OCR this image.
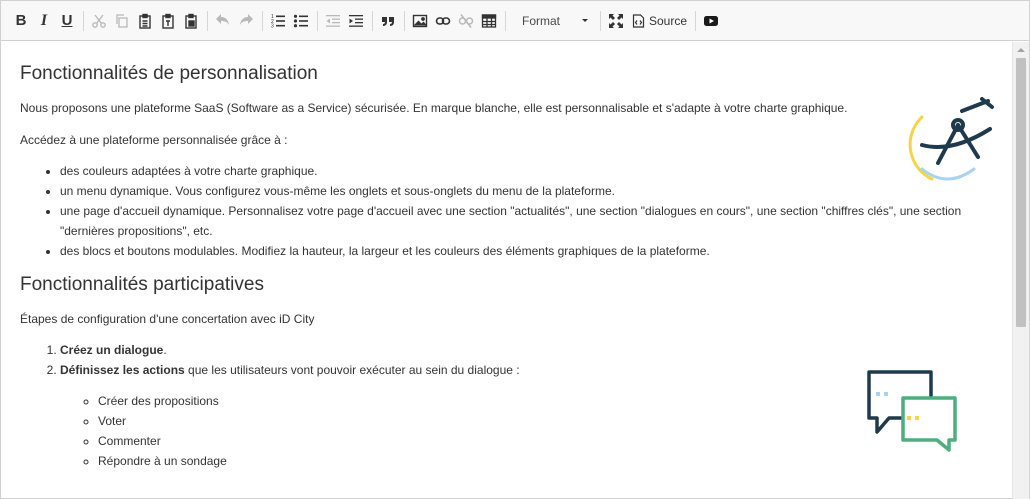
B I U	1
2
3	Format	Source
Fonctionnalités de personnalisation

Nous proposons une plateforme SaaS (Software as a Service) sécurisée. En marque blanche, elle est personnalisable et s'adapte à votre charte graphique.

Accédez à une plateforme personnalisée grâce à :

• des couleurs adaptées à votre charte graphique.
• un menu dynamique. Vous configurez vous-même les onglets et sous-onglets du menu de la plateforme.
• une page d'accueil dynamique. Personnalisez votre page d'accueil avec une section "actualités", une section "dialogues en cours", une section "chiffres clés", une section "dernières propositions", etc.
• des blocs et boutons modulables. Modifiez la hauteur, la largeur et les couleurs des éléments graphiques de la plateforme.
Fonctionnalités participatives

Étapes de configuration d'une concertation avec iD City

1. Créez un dialogue.
2. Définissez les actions que les utilisateurs vont pouvoir exécuter au sein du dialogue :
◦ Créer des propositions
◦ Voter
◦ Commenter
◦ Répondre à un sondage
